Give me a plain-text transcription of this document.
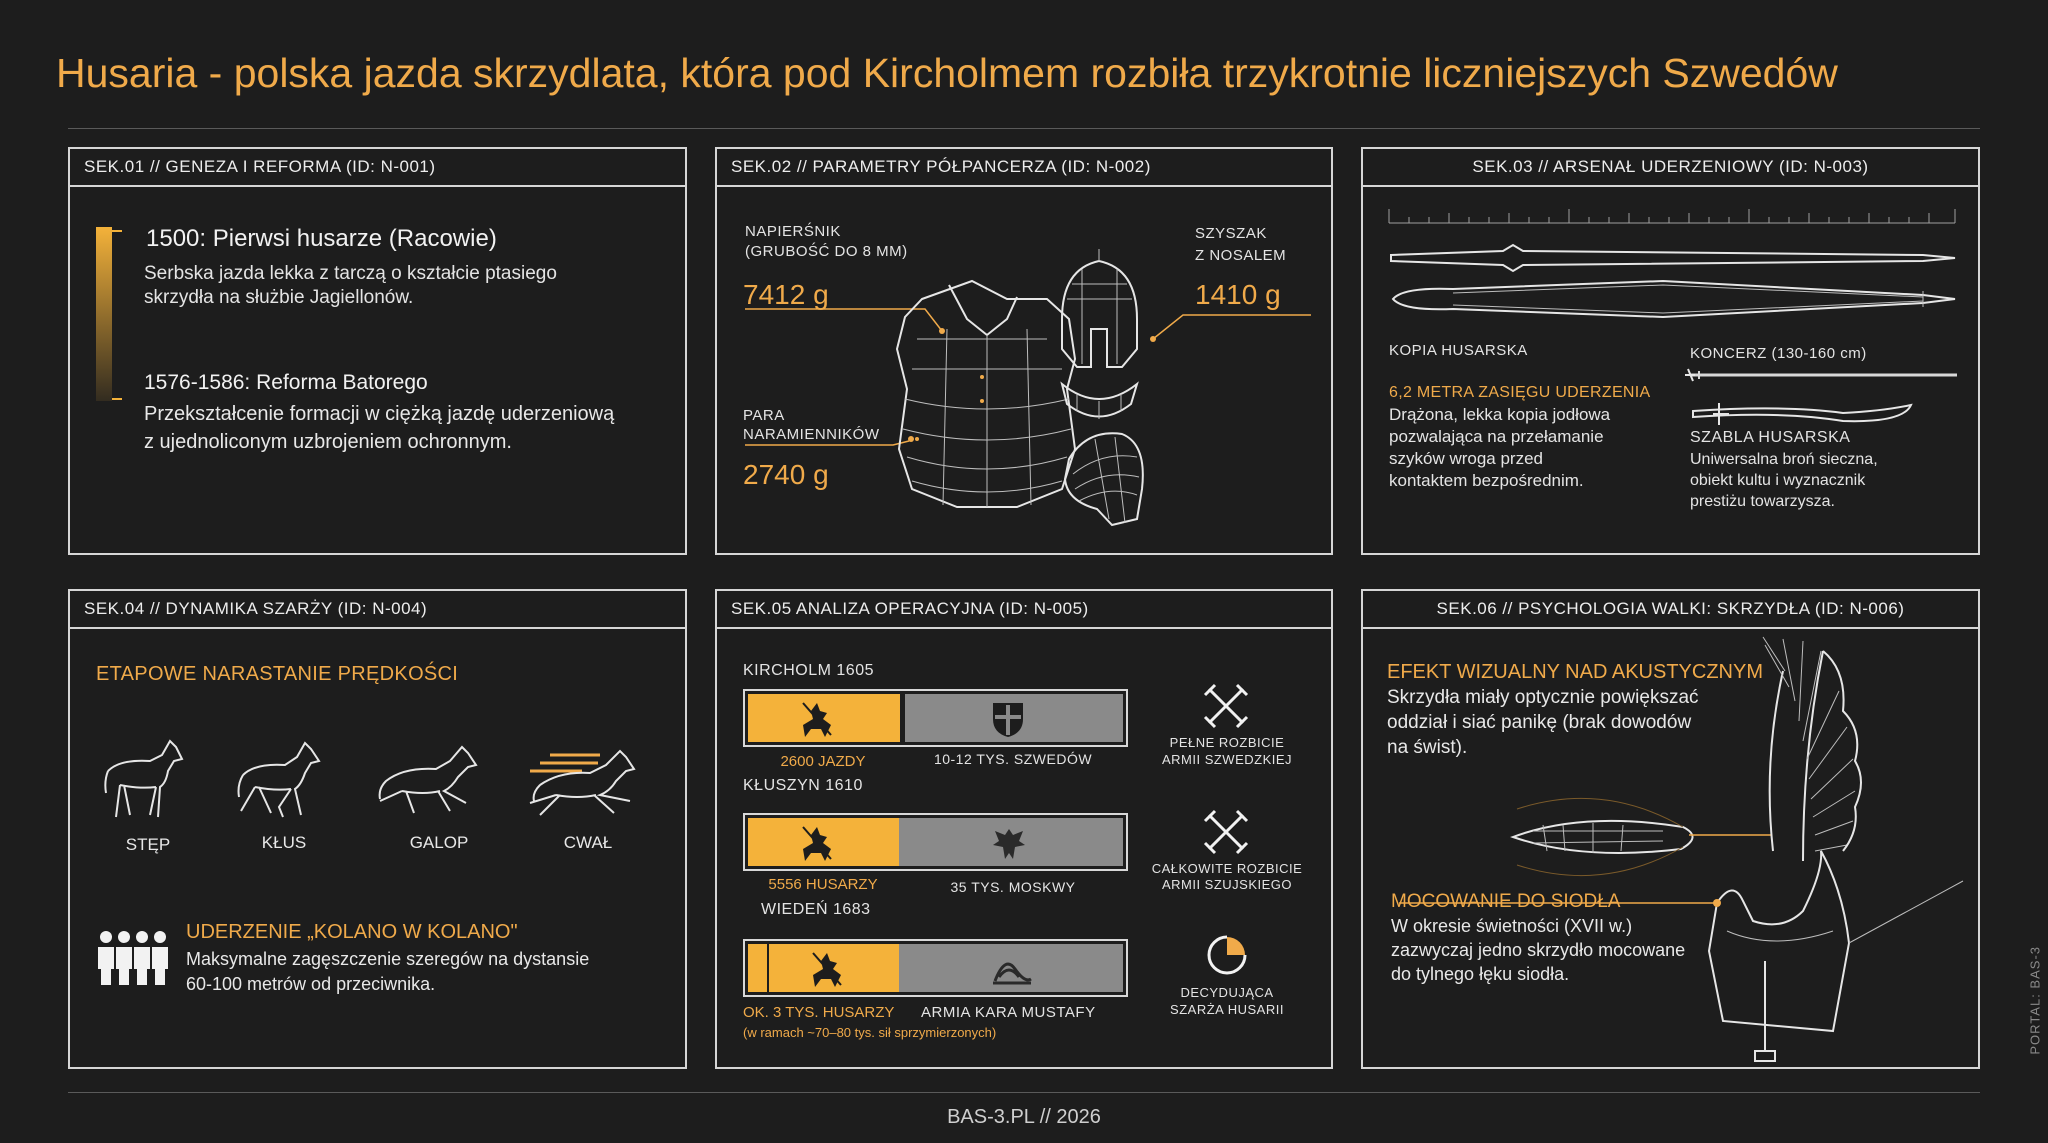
Husaria - polska jazda skrzydlata, która pod Kircholmem rozbiła trzykrotnie liczniejszych Szwedów
SEK.01 // GENEZA I REFORMA (ID: N-001)
1500: Pierwsi husarze (Racowie)
Serbska jazda lekka z tarczą o kształcie ptasiego
skrzydła na służbie Jagiellonów.
1576-1586: Reforma Batorego
Przekształcenie formacji w ciężką jazdę uderzeniową
z ujednoliconym uzbrojeniem ochronnym.
SEK.02 // PARAMETRY PÓŁPANCERZA (ID: N-002)
NAPIERŚNIK
(GRUBOŚĆ DO 8 MM)
7412 g
SZYSZAK
Z NOSALEM
1410 g
PARA
NARAMIENNIKÓW
2740 g
SEK.03 // ARSENAŁ UDERZENIOWY (ID: N-003)
KOPIA HUSARSKA	KONCERZ (130-160 cm)
6,2 METRA ZASIĘGU UDERZENIA
Drążona, lekka kopia jodłowa
pozwalająca na przełamanie
szyków wroga przed
kontaktem bezpośrednim.
SZABLA HUSARSKA
Uniwersalna broń sieczna,
obiekt kultu i wyznacznik
prestiżu towarzysza.
SEK.04 // DYNAMIKA SZARŻY (ID: N-004)
ETAPOWE NARASTANIE PRĘDKOŚCI
STĘP	KŁUS	GALOP	CWAŁ
UDERZENIE „KOLANO W KOLANO"
Maksymalne zagęszczenie szeregów na dystansie
60-100 metrów od przeciwnika.
SEK.05 ANALIZA OPERACYJNA (ID: N-005)
KIRCHOLM 1605
2600 JAZDY	10-12 TYS. SZWEDÓW
PEŁNE ROZBICIE
ARMII SZWEDZKIEJ
KŁUSZYN 1610
5556 HUSARZY	35 TYS. MOSKWY
CAŁKOWITE ROZBICIE
ARMII SZUJSKIEGO
WIEDEŃ 1683
OK. 3 TYS. HUSARZY ARMIA KARA MUSTAFY
(w ramach ~70–80 tys. sił sprzymierzonych)
DECYDUJĄCA
SZARŻA HUSARII
SEK.06 // PSYCHOLOGIA WALKI: SKRZYDŁA (ID: N-006)
EFEKT WIZUALNY NAD AKUSTYCZNYM
Skrzydła miały optycznie powiększać
oddział i siać panikę (brak dowodów
na świst).
MOCOWANIE DO SIODŁA
W okresie świetności (XVII w.)
zazwyczaj jedno skrzydło mocowane
do tylnego łęku siodła.
BAS-3.PL // 2026
PORTAL: BAS-3
